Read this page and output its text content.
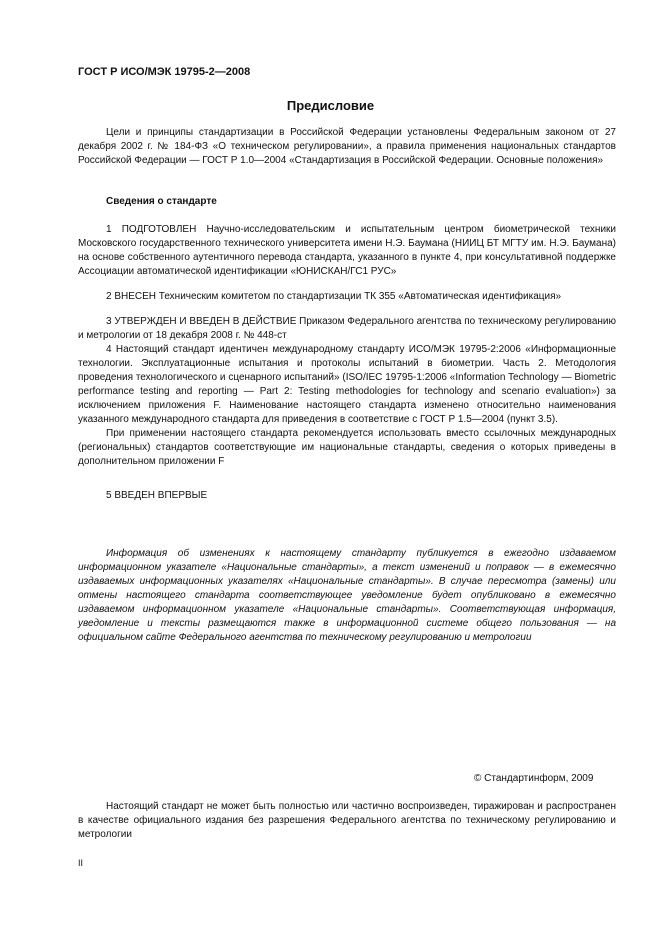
ГОСТ Р ИСО/МЭК 19795-2—2008
Предисловие

Цели и принципы стандартизации в Российской Федерации установлены Федеральным законом от 27 декабря 2002 г. № 184-ФЗ «О техническом регулировании», а правила применения национальных стандартов Российской Федерации — ГОСТ Р 1.0—2004 «Стандартизация в Российской Федерации. Основные положения»

Сведения о стандарте

1 ПОДГОТОВЛЕН Научно-исследовательским и испытательным центром биометрической техники Московского государственного технического университета имени Н.Э. Баумана (НИИЦ БТ МГТУ им. Н.Э. Баумана) на основе собственного аутентичного перевода стандарта, указанного в пункте 4, при консультативной поддержке Ассоциации автоматической идентификации «ЮНИСКАН/ГС1 РУС»

2 ВНЕСЕН Техническим комитетом по стандартизации ТК 355 «Автоматическая идентификация»

3 УТВЕРЖДЕН И ВВЕДЕН В ДЕЙСТВИЕ Приказом Федерального агентства по техническому регулированию и метрологии от 18 декабря 2008 г. № 448-ст

4 Настоящий стандарт идентичен международному стандарту ИСО/МЭК 19795-2:2006 «Информационные технологии. Эксплуатационные испытания и протоколы испытаний в биометрии. Часть 2. Методология проведения технологического и сценарного испытаний» (ISO/IEC 19795-1:2006 «Information Technology — Biometric performance testing and reporting — Part 2: Testing methodologies for technology and scenario evaluation») за исключением приложения F. Наименование настоящего стандарта изменено относительно наименования указанного международного стандарта для приведения в соответствие с ГОСТ Р 1.5—2004 (пункт 3.5).

При применении настоящего стандарта рекомендуется использовать вместо ссылочных международных (региональных) стандартов соответствующие им национальные стандарты, сведения о которых приведены в дополнительном приложении F

5 ВВЕДЕН ВПЕРВЫЕ

Информация об изменениях к настоящему стандарту публикуется в ежегодно издаваемом информационном указателе «Национальные стандарты», а текст изменений и поправок — в ежемесячно издаваемых информационных указателях «Национальные стандарты». В случае пересмотра (замены) или отмены настоящего стандарта соответствующее уведомление будет опубликовано в ежемесячно издаваемом информационном указателе «Национальные стандарты». Соответствующая информация, уведомление и тексты размещаются также в информационной системе общего пользования — на официальном сайте Федерального агентства по техническому регулированию и метрологии

© Стандартинформ, 2009

Настоящий стандарт не может быть полностью или частично воспроизведен, тиражирован и распространен в качестве официального издания без разрешения Федерального агентства по техническому регулированию и метрологии

II
